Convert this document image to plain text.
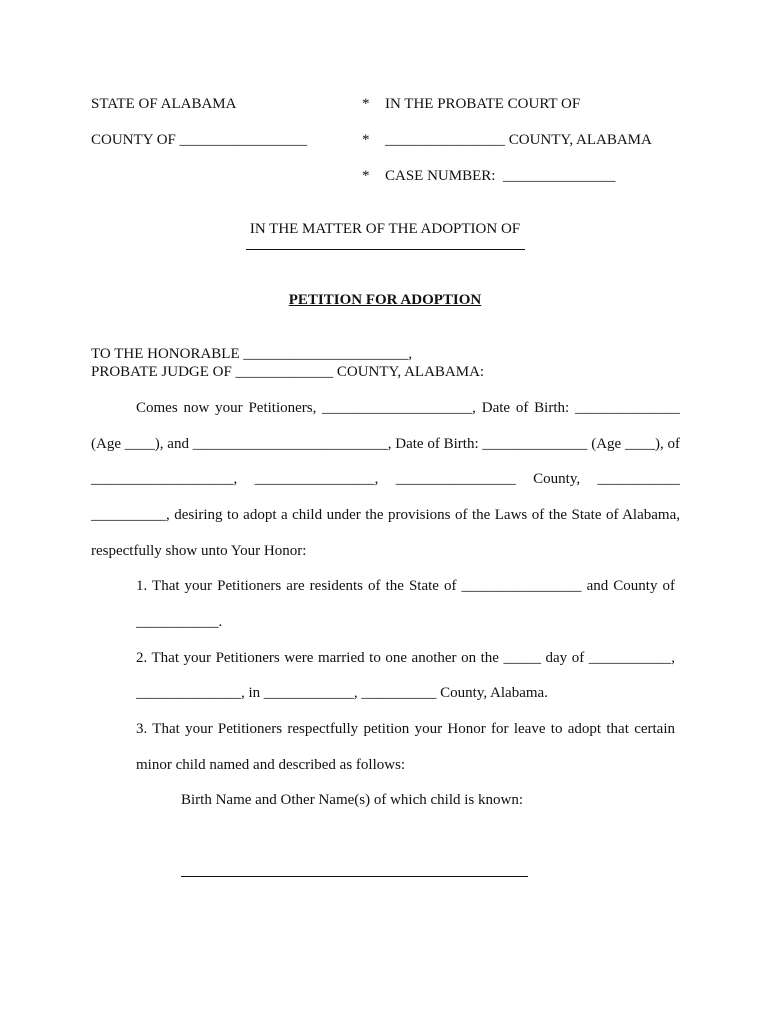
STATE OF ALABAMA	* IN THE PROBATE COURT OF
COUNTY OF _________________	* ________________ COUNTY, ALABAMA
* CASE NUMBER:  _______________
IN THE MATTER OF THE ADOPTION OF
PETITION FOR ADOPTION
TO THE HONORABLE ______________________,
PROBATE JUDGE OF _____________ COUNTY, ALABAMA:
Comes now your Petitioners, ____________________, Date of Birth: ______________
(Age ____), and __________________________, Date of Birth: ______________ (Age ____), of
___________________, ________________, ________________ County, ___________
__________, desiring to adopt a child under the provisions of the Laws of the State of Alabama,
respectfully show unto Your Honor:
1. That your Petitioners are residents of the State of ________________ and County of
___________.
2. That your Petitioners were married to one another on the _____ day of ___________,
______________, in ____________, __________ County, Alabama.
3. That your Petitioners respectfully petition your Honor for leave to adopt that certain
minor child named and described as follows:
Birth Name and Other Name(s) of which child is known:
